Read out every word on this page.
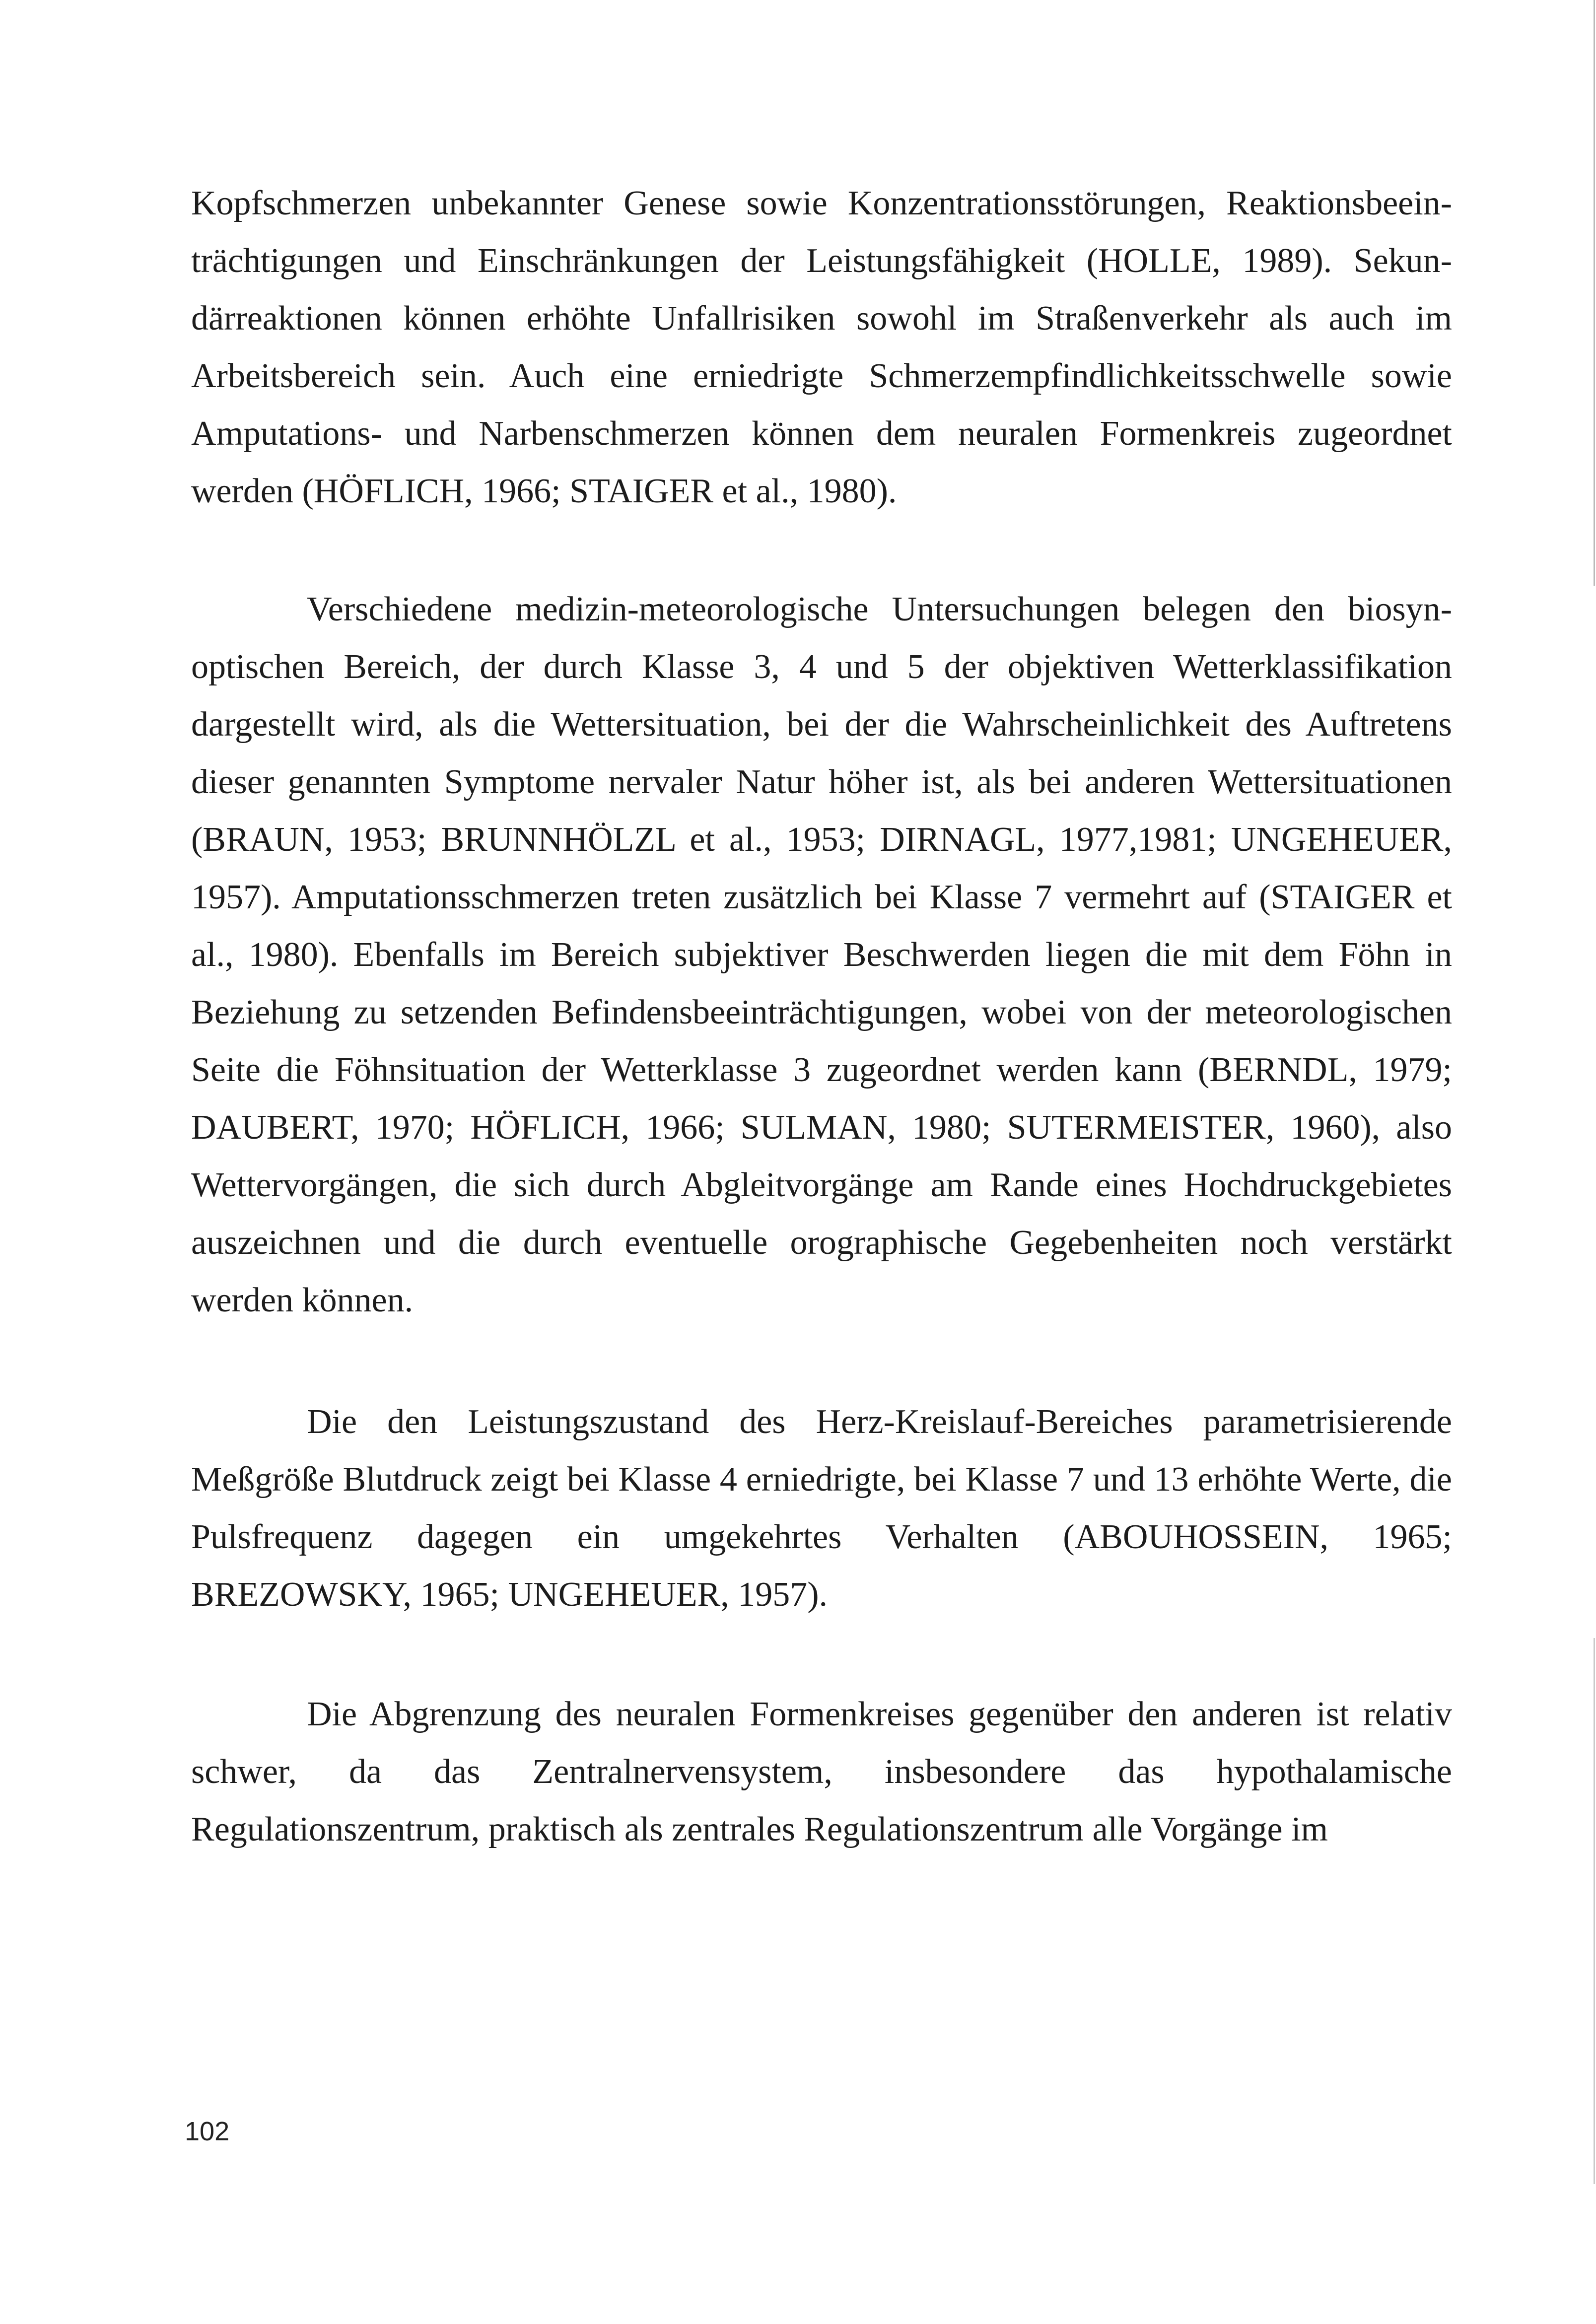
Kopfschmerzen unbekannter Genese sowie Konzentrationsstörungen, Reaktionsbeeinträchtigungen und Einschränkungen der Leistungsfähigkeit (HOLLE, 1989). Sekundärreaktionen können erhöhte Unfallrisiken sowohl im Straßenverkehr als auch im Arbeitsbereich sein. Auch eine erniedrigte Schmerzempfindlichkeitsschwelle sowie Amputations- und Narbenschmerzen können dem neuralen Formenkreis zugeordnet werden (HÖFLICH, 1966; STAIGER et al., 1980).

Verschiedene medizin-meteorologische Untersuchungen belegen den biosynoptischen Bereich, der durch Klasse 3, 4 und 5 der objektiven Wetterklassifikation dargestellt wird, als die Wettersituation, bei der die Wahrscheinlichkeit des Auftretens dieser genannten Symptome nervaler Natur höher ist, als bei anderen Wettersituationen (BRAUN, 1953; BRUNNHÖLZL et al., 1953; DIRNAGL, 1977,1981; UNGEHEUER, 1957). Amputationsschmerzen treten zusätzlich bei Klasse 7 vermehrt auf (STAIGER et al., 1980). Ebenfalls im Bereich subjektiver Beschwerden liegen die mit dem Föhn in Beziehung zu setzenden Befindensbeeinträchtigungen, wobei von der meteorologischen Seite die Föhnsituation der Wetterklasse 3 zugeordnet werden kann (BERNDL, 1979; DAUBERT, 1970; HÖFLICH, 1966; SULMAN, 1980; SUTERMEISTER, 1960), also Wettervorgängen, die sich durch Abgleitvorgänge am Rande eines Hochdruckgebietes auszeichnen und die durch eventuelle orographische Gegebenheiten noch verstärkt werden können.

Die den Leistungszustand des Herz-Kreislauf-Bereiches parametrisierende Meßgröße Blutdruck zeigt bei Klasse 4 erniedrigte, bei Klasse 7 und 13 erhöhte Werte, die Pulsfrequenz dagegen ein umgekehrtes Verhalten (ABOUHOSSEIN, 1965; BREZOWSKY, 1965; UNGEHEUER, 1957).

Die Abgrenzung des neuralen Formenkreises gegenüber den anderen ist relativ schwer, da das Zentralnervensystem, insbesondere das hypothalamische Regulationszentrum, praktisch als zentrales Regulationszentrum alle Vorgänge im

102
